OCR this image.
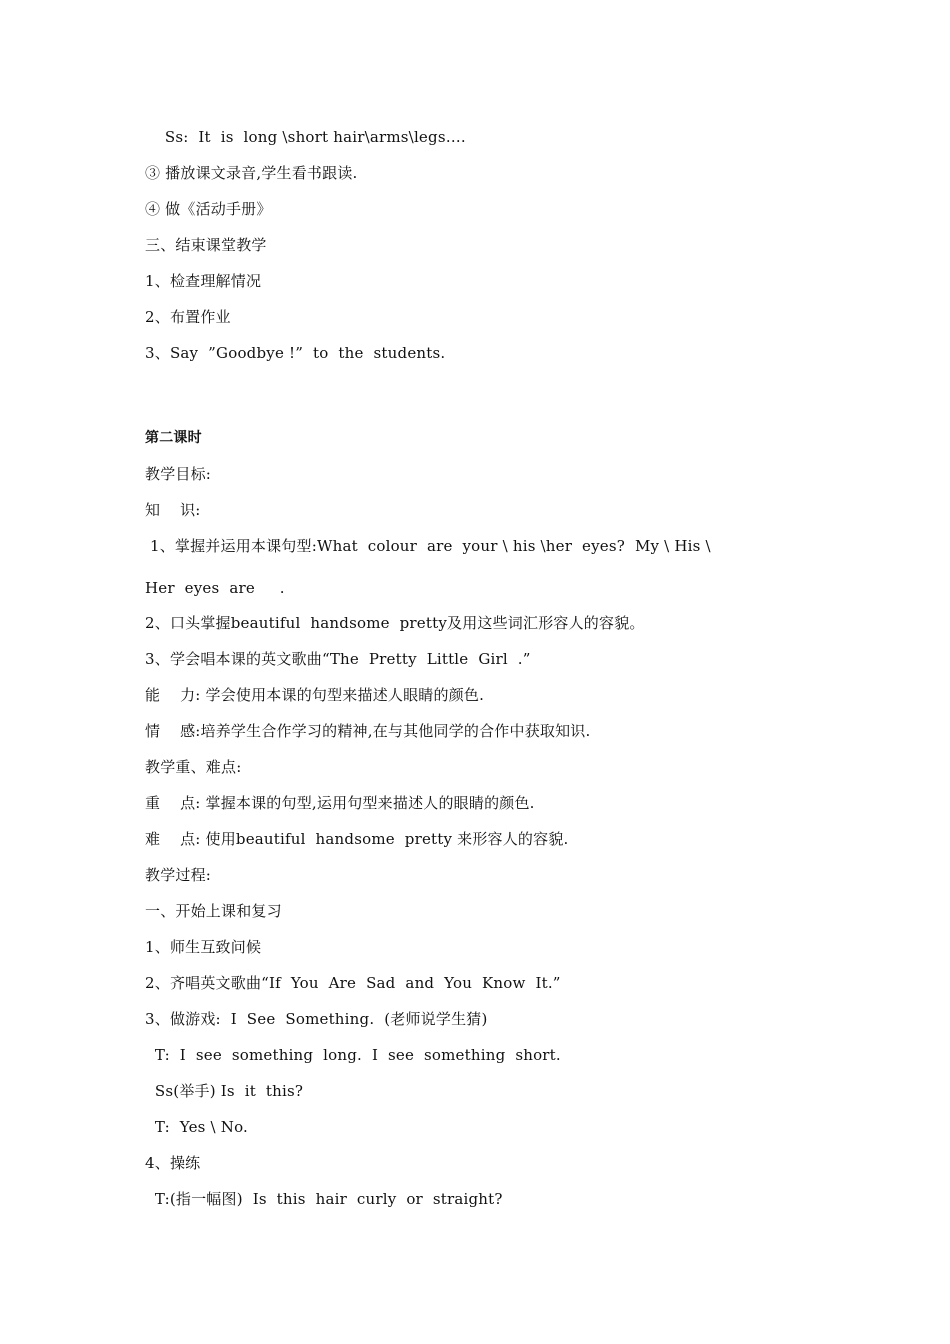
Ss:  It  is  long \short hair\arms\legs….
③ 播放课文录音,学生看书跟读.
④ 做《活动手册》
三、结束课堂教学
1、检查理解情况
2、布置作业
3、Say  ”Goodbye !”  to  the  students.
第二课时
教学目标:
知    识:
1、掌握并运用本课句型:What  colour  are  your \ his \her  eyes?  My \ His \
Her  eyes  are     .
2、口头掌握beautiful  handsome  pretty及用这些词汇形容人的容貌。
3、学会唱本课的英文歌曲“The  Pretty  Little  Girl  .”
能    力: 学会使用本课的句型来描述人眼睛的颜色.
情    感:培养学生合作学习的精神,在与其他同学的合作中获取知识.
教学重、难点:
重    点: 掌握本课的句型,运用句型来描述人的眼睛的颜色.
难    点: 使用beautiful  handsome  pretty 来形容人的容貌.
教学过程:
一、开始上课和复习
1、师生互致问候
2、齐唱英文歌曲“If  You  Are  Sad  and  You  Know  It.”
3、做游戏:  I  See  Something.  (老师说学生猜)
T:  I  see  something  long.  I  see  something  short.
Ss(举手) Is  it  this?
T:  Yes \ No.
4、操练
T:(指一幅图)  Is  this  hair  curly  or  straight?
